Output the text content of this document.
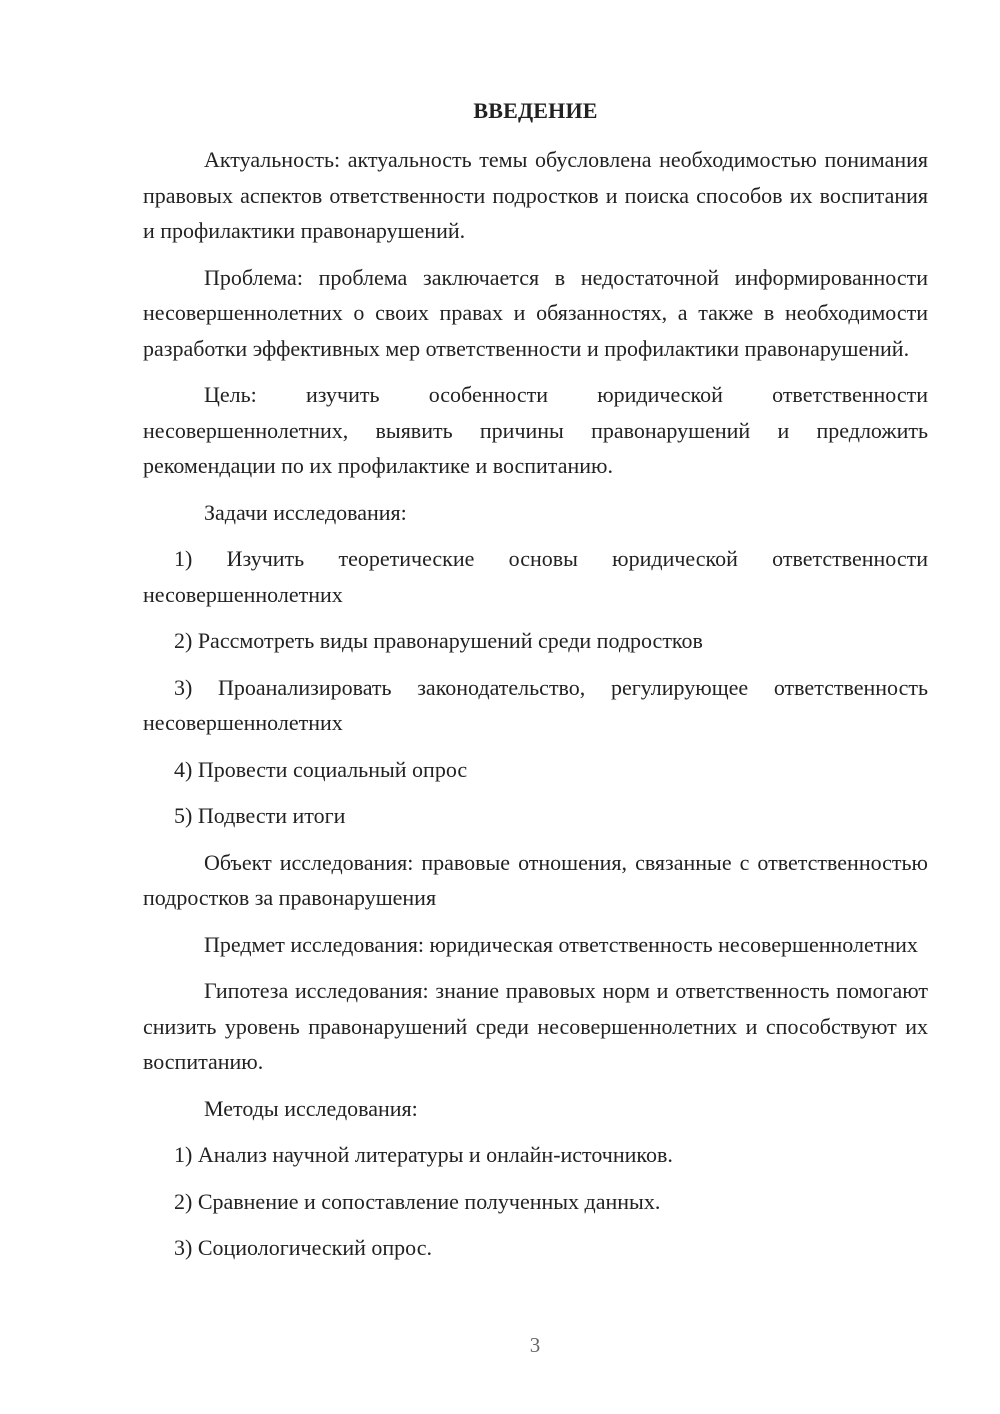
ВВЕДЕНИЕ

Актуальность: актуальность темы обусловлена необходимостью понимания правовых аспектов ответственности подростков и поиска способов их воспитания и профилактики правонарушений.

Проблема: проблема заключается в недостаточной информированности несовершеннолетних о своих правах и обязанностях, а также в необходимости разработки эффективных мер ответственности и профилактики правонарушений.

Цель: изучить особенности юридической ответственности несовершеннолетних, выявить причины правонарушений и предложить рекомендации по их профилактике и воспитанию.

Задачи исследования:

1) Изучить теоретические основы юридической ответственности несовершеннолетних

2) Рассмотреть виды правонарушений среди подростков

3) Проанализировать законодательство, регулирующее ответственность несовершеннолетних

4) Провести социальный опрос

5) Подвести итоги

Объект исследования: правовые отношения, связанные с ответственностью подростков за правонарушения

Предмет исследования: юридическая ответственность несовершеннолетних

Гипотеза исследования: знание правовых норм и ответственность помогают снизить уровень правонарушений среди несовершеннолетних и способствуют их воспитанию.

Методы исследования:

1) Анализ научной литературы и онлайн-источников.

2) Сравнение и сопоставление полученных данных.

3) Социологический опрос.

3
